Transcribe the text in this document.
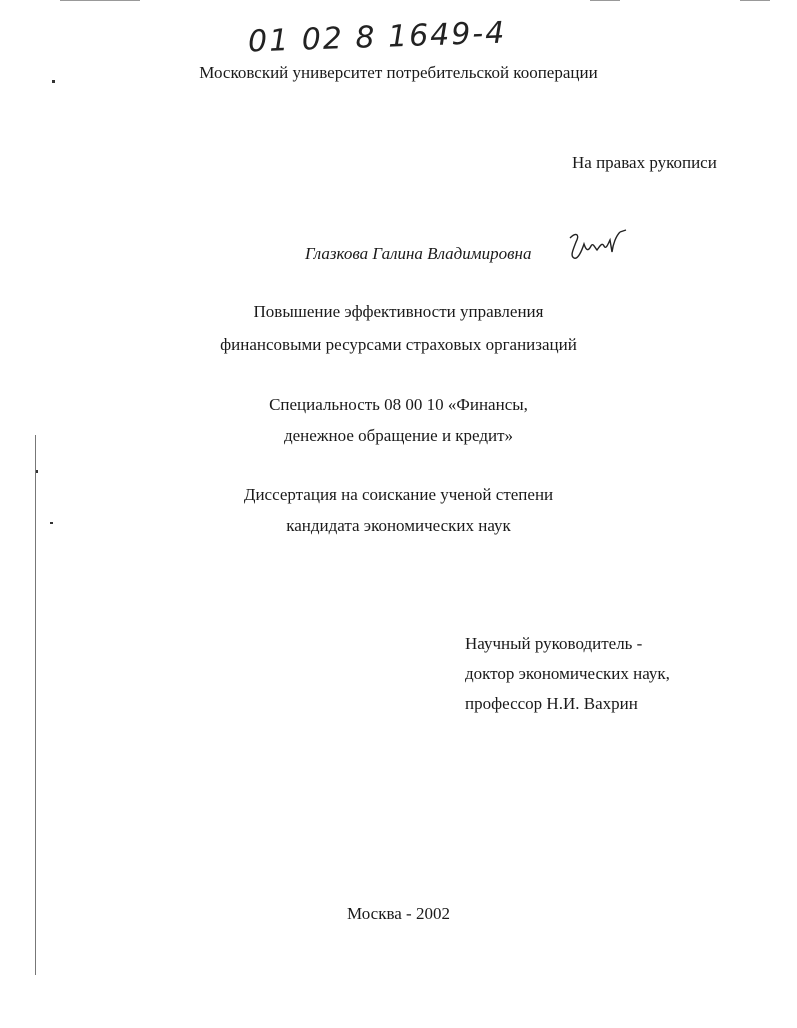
01 02 8 1649-4
Московский университет потребительской кооперации
На правах рукописи
Глазкова Галина Владимировна
Повышение эффективности управления
финансовыми ресурсами страховых организаций
Специальность 08 00 10 «Финансы,
денежное обращение и кредит»
Диссертация на соискание ученой степени
кандидата экономических наук
Научный руководитель -
доктор экономических наук,
профессор Н.И. Вахрин
Москва - 2002
